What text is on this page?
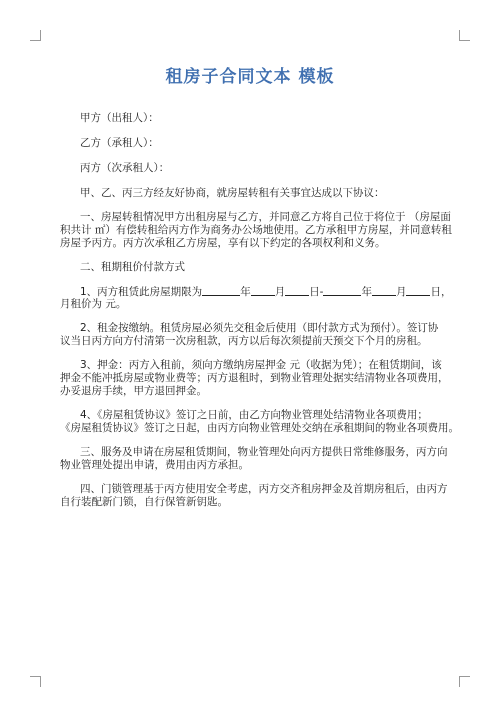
租房子合同文本 模板
甲方（出租人）：
乙方（承租人）：
丙方（次承租人）：
甲、乙、丙三方经友好协商，就房屋转租有关事宜达成以下协议：
一、房屋转租情况甲方出租房屋与乙方，并同意乙方将自己位于将位于 （房屋面
积共计 ㎡）有偿转租给丙方作为商务办公场地使用。乙方承租甲方房屋，并同意转租
房屋予丙方。丙方次承租乙方房屋，享有以下约定的各项权利和义务。
二、租期租价付款方式
1、丙方租赁此房屋期限为	年 月 日-	年 月 日，
月租价为 元。
2、租金按缴纳。租赁房屋必须先交租金后使用（即付款方式为预付）。签订协
议当日丙方向方付清第一次房租款，丙方以后每次须提前天预交下个月的房租。
3、押金：丙方入租前，须向方缴纳房屋押金 元（收据为凭）；在租赁期间，该
押金不能冲抵房屋或物业费等；丙方退租时，到物业管理处据实结清物业各项费用，
办妥退房手续，甲方退回押金。
4、《房屋租赁协议》签订之日前，由乙方向物业管理处结清物业各项费用；
《房屋租赁协议》签订之日起，由丙方向物业管理处交纳在承租期间的物业各项费用。
三、服务及申请在房屋租赁期间，物业管理处向丙方提供日常维修服务，丙方向
物业管理处提出申请，费用由丙方承担。
四、门锁管理基于丙方使用安全考虑，丙方交齐租房押金及首期房租后，由丙方
自行装配新门锁，自行保管新钥匙。
